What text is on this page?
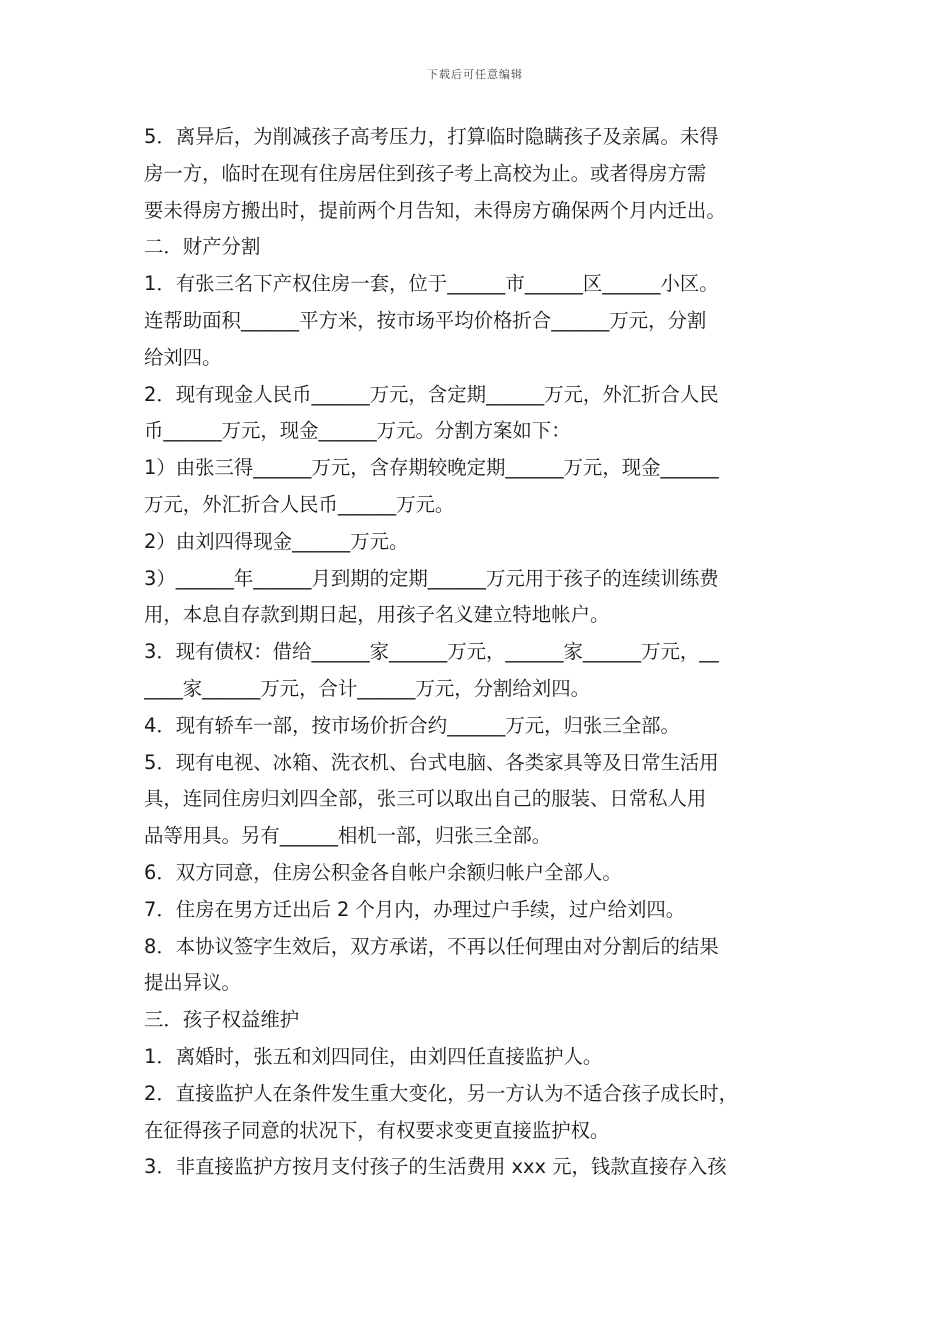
下载后可任意编辑
5．离异后，为削减孩子高考压力，打算临时隐瞒孩子及亲属。未得
房一方，临时在现有住房居住到孩子考上高校为止。或者得房方需
要未得房方搬出时，提前两个月告知，未得房方确保两个月内迁出。
二．财产分割
1．有张三名下产权住房一套，位于______市______区______小区。
连帮助面积______平方米，按市场平均价格折合______万元，分割
给刘四。
2．现有现金人民币______万元，含定期______万元，外汇折合人民
币______万元，现金______万元。分割方案如下：
1）由张三得______万元，含存期较晚定期______万元，现金______
万元，外汇折合人民币______万元。
2）由刘四得现金______万元。
3）______年______月到期的定期______万元用于孩子的连续训练费
用，本息自存款到期日起，用孩子名义建立特地帐户。
3．现有债权：借给______家______万元，______家______万元，__
____家______万元，合计______万元，分割给刘四。
4．现有轿车一部，按市场价折合约______万元，归张三全部。
5．现有电视、冰箱、洗衣机、台式电脑、各类家具等及日常生活用
具，连同住房归刘四全部，张三可以取出自己的服装、日常私人用
品等用具。另有______相机一部，归张三全部。
6．双方同意，住房公积金各自帐户余额归帐户全部人。
7．住房在男方迁出后 2 个月内，办理过户手续，过户给刘四。
8．本协议签字生效后，双方承诺，不再以任何理由对分割后的结果
提出异议。
三．孩子权益维护
1．离婚时，张五和刘四同住，由刘四任直接监护人。
2．直接监护人在条件发生重大变化，另一方认为不适合孩子成长时，
在征得孩子同意的状况下，有权要求变更直接监护权。
3．非直接监护方按月支付孩子的生活费用 xxx 元，钱款直接存入孩
